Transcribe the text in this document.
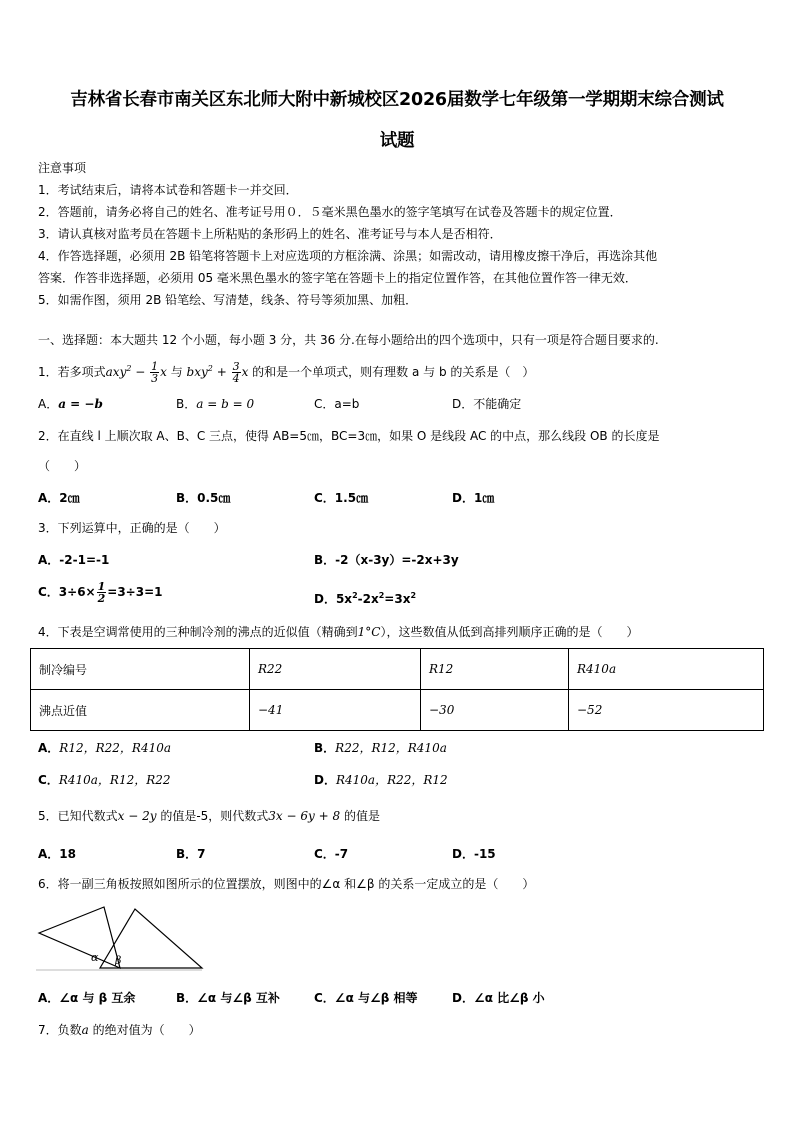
吉林省长春市南关区东北师大附中新城校区2026届数学七年级第一学期期末综合测试
试题
注意事项
1．考试结束后，请将本试卷和答题卡一并交回．
2．答题前，请务必将自己的姓名、准考证号用０．５毫米黑色墨水的签字笔填写在试卷及答题卡的规定位置．
3．请认真核对监考员在答题卡上所粘贴的条形码上的姓名、准考证号与本人是否相符．
4．作答选择题，必须用 2B 铅笔将答题卡上对应选项的方框涂满、涂黑；如需改动，请用橡皮擦干净后，再选涂其他
答案．作答非选择题，必须用 05 毫米黑色墨水的签字笔在答题卡上的指定位置作答，在其他位置作答一律无效．
5．如需作图，须用 2B 铅笔绘、写清楚，线条、符号等须加黑、加粗．
一、选择题：本大题共 12 个小题，每小题 3 分，共 36 分.在每小题给出的四个选项中，只有一项是符合题目要求的.
1．若多项式$axy^2 - \frac{1}{3}$ x 与 $bxy^2 + \frac{3}{4}$ x 的和是一个单项式，则有理数 a 与 b 的关系是（　）
A．a = −b	B．a = b = 0	C．a=b	D．不能确定
2．在直线 l 上顺次取 A、B、C 三点，使得 AB=5㎝，BC=3㎝，如果 O 是线段 AC 的中点，那么线段 OB 的长度是
（　　）
A．2㎝	B．0.5㎝	C．1.5㎝	D．1㎝
3．下列运算中，正确的是（　　）
A．-2-1=-1	B．-2（x-3y）=-2x+3y
C．$3\div 6\times \frac{1}{2} =3\div 3=1$	D．$5x^2-2x^2=3x^2$
4．下表是空调常使用的三种制冷剂的沸点的近似值（精确到1°C），这些数值从低到高排列顺序正确的是（　　）
制冷编号	R22	R12	R410a
沸点近值	−41	−30	−52
A．R12，R22，R410a	B．R22，R12，R410a
C．R410a，R12，R22	D．R410a，R22，R12
5．已知代数式x − 2y 的值是-5，则代数式3x − 6y + 8 的值是
A．18	B．7	C．-7	D．-15
6．将一副三角板按照如图所示的位置摆放，则图中的∠α 和∠β 的关系一定成立的是（　　）
α β
A．∠α 与 β 互余	B．∠α 与∠β 互补	C．∠α 与∠β 相等	D．∠α 比∠β 小
7．负数a 的绝对值为（　　）
